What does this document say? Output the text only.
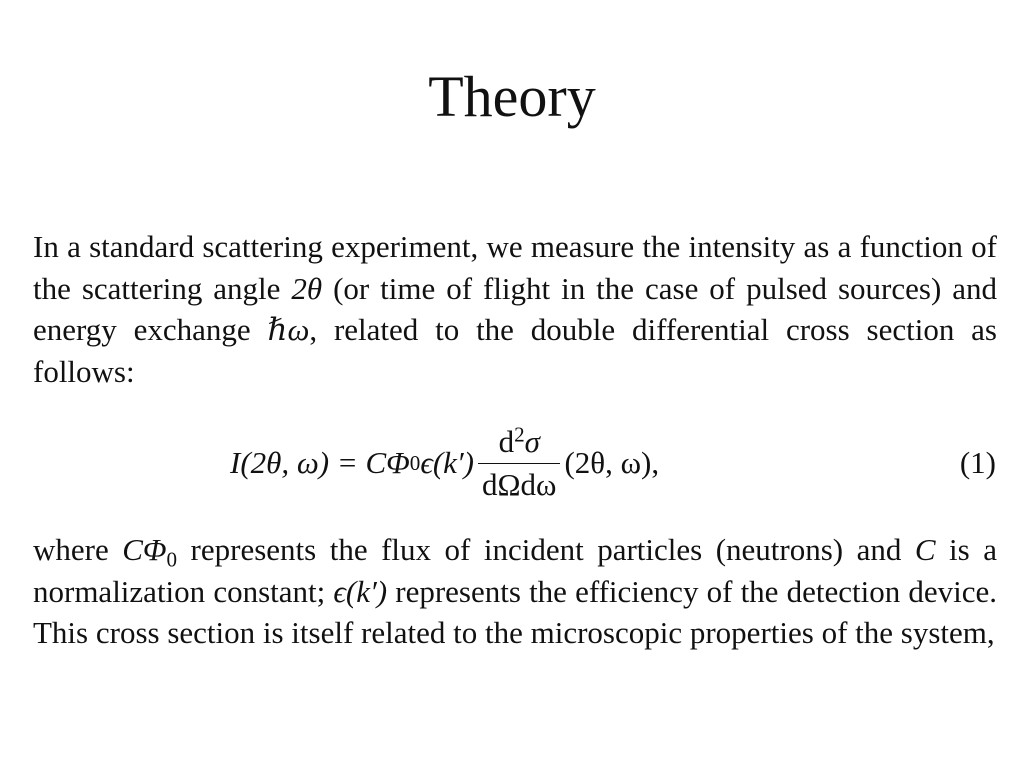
Theory

In a standard scattering experiment, we measure the intensity as a function of the scattering angle 2θ (or time of flight in the case of pulsed sources) and energy exchange ℏω, related to the double differential cross section as follows:

I(2θ, ω) = CΦ 0 $\epsilon(k') \frac{d^2\sigma}{\text{dΩdω}} (2\theta$, ω),	(1)

where $C\Phi_0$ represents the flux of incident particles (neutrons) and C is a normalization constant; ϵ(k′) represents the efficiency of the detection device. This cross section is itself related to the microscopic properties of the system,
